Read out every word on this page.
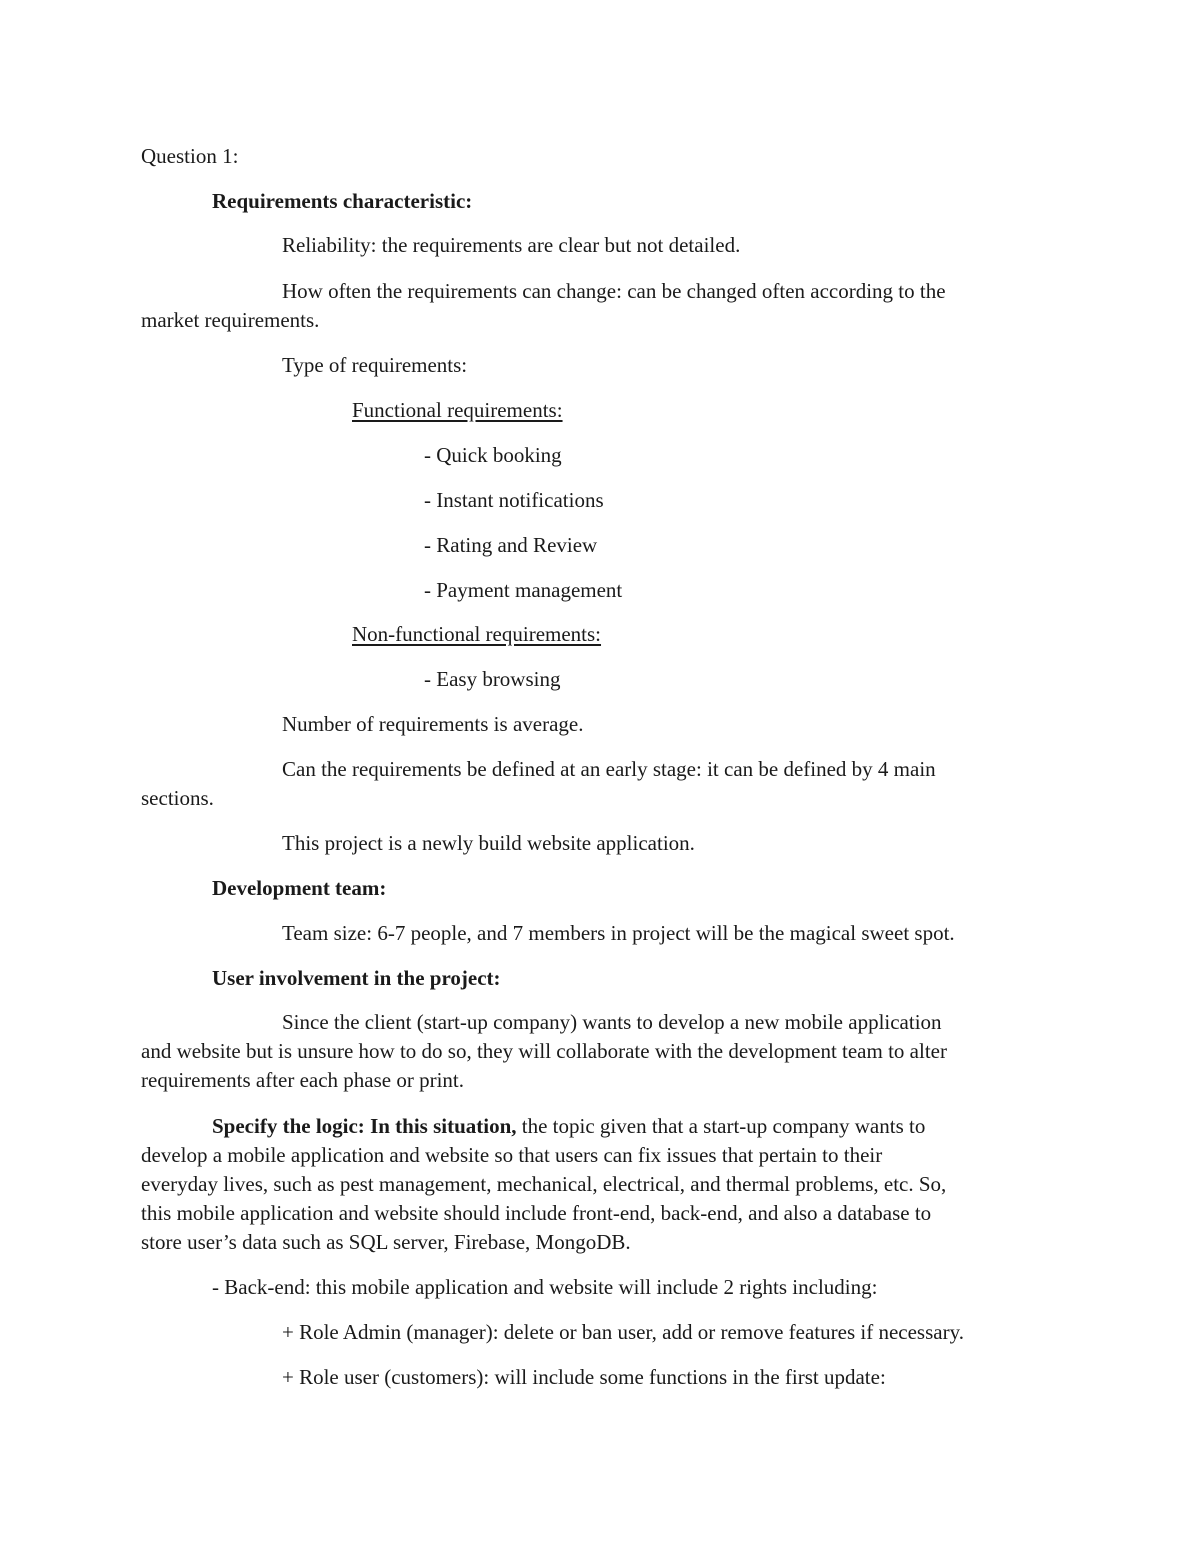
Question 1:
Requirements characteristic:
Reliability: the requirements are clear but not detailed.
How often the requirements can change: can be changed often according to the
market requirements.
Type of requirements:
Functional requirements:
- Quick booking
- Instant notifications
- Rating and Review
- Payment management
Non-functional requirements:
- Easy browsing
Number of requirements is average.
Can the requirements be defined at an early stage: it can be defined by 4 main
sections.
This project is a newly build website application.
Development team:
Team size: 6-7 people, and 7 members in project will be the magical sweet spot.
User involvement in the project:
Since the client (start-up company) wants to develop a new mobile application
and website but is unsure how to do so, they will collaborate with the development team to alter
requirements after each phase or print.
Specify the logic: In this situation, the topic given that a start-up company wants to
develop a mobile application and website so that users can fix issues that pertain to their
everyday lives, such as pest management, mechanical, electrical, and thermal problems, etc. So,
this mobile application and website should include front-end, back-end, and also a database to
store user’s data such as SQL server, Firebase, MongoDB.
- Back-end: this mobile application and website will include 2 rights including:
+ Role Admin (manager): delete or ban user, add or remove features if necessary.
+ Role user (customers): will include some functions in the first update:
